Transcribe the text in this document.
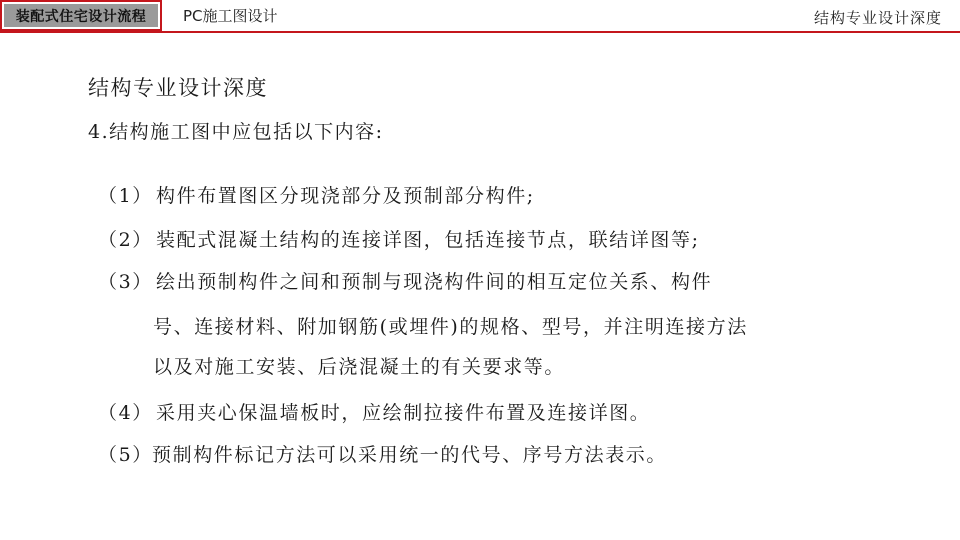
装配式住宅设计流程	PC施工图设计	结构专业设计深度
结构专业设计深度
4.结构施工图中应包括以下内容:
（1） 构件布置图区分现浇部分及预制部分构件;
（2） 装配式混凝土结构的连接详图，包括连接节点，联结详图等;
（3） 绘出预制构件之间和预制与现浇构件间的相互定位关系、构件
号、连接材料、附加钢筋(或埋件)的规格、型号，并注明连接方法
以及对施工安装、后浇混凝土的有关要求等。
（4） 采用夹心保温墙板时，应绘制拉接件布置及连接详图。
（5）预制构件标记方法可以采用统一的代号、序号方法表示。
